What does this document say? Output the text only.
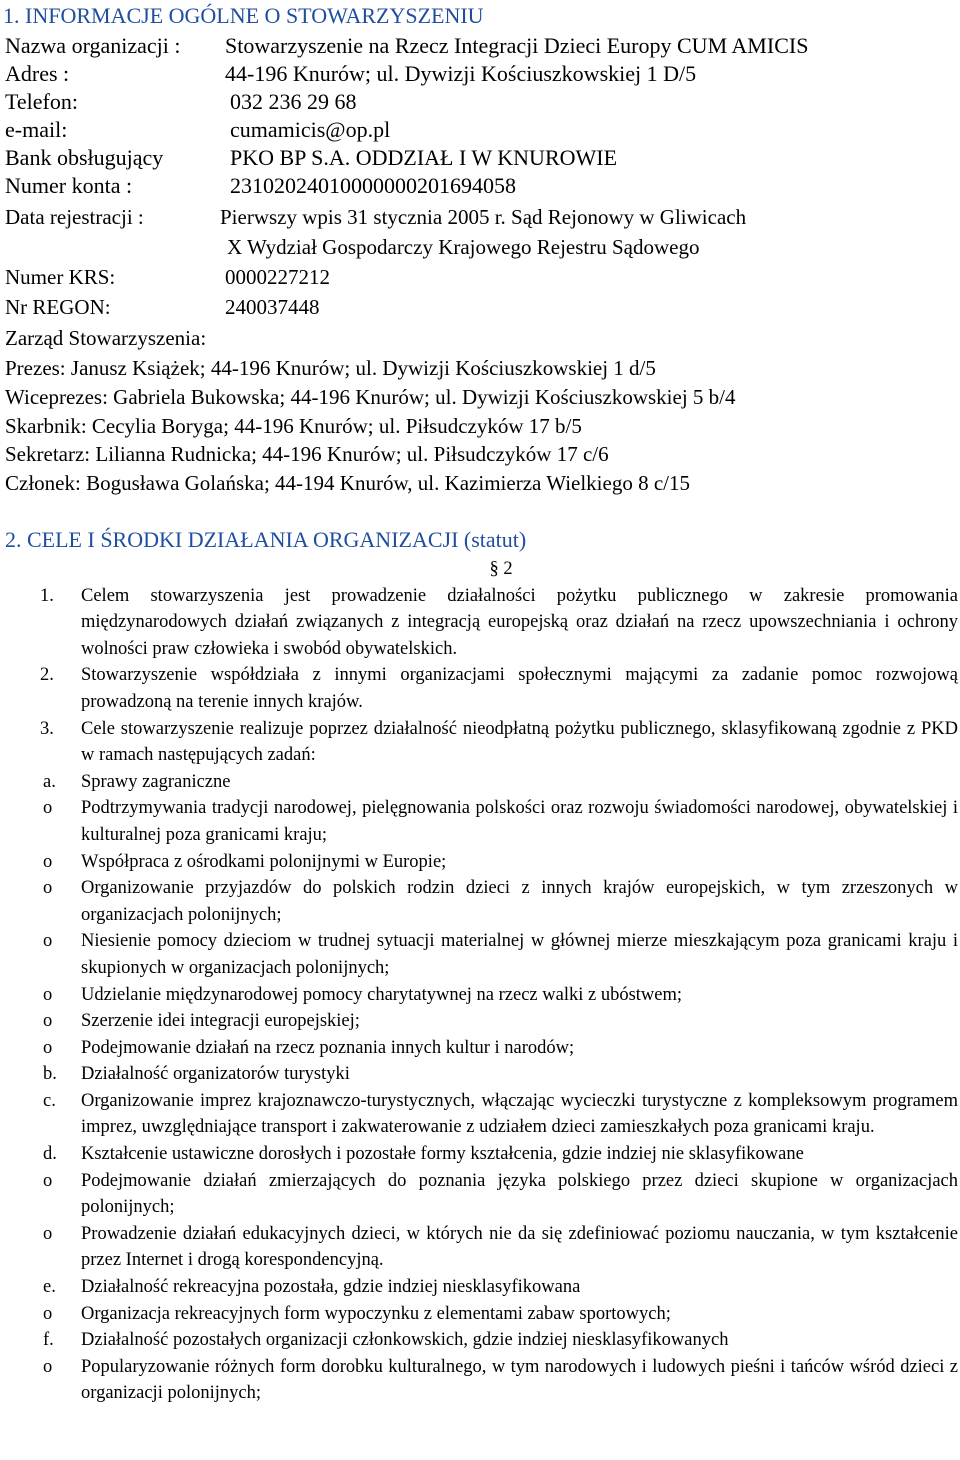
1. INFORMACJE OGÓLNE O STOWARZYSZENIU
Nazwa organizacji : Stowarzyszenie na Rzecz Integracji Dzieci Europy CUM AMICIS
Adres :	44-196 Knurów; ul. Dywizji Kościuszkowskiej 1 D/5
Telefon:	032 236 29 68
e-mail:	cumamicis@op.pl
Bank obsługujący	PKO BP S.A. ODDZIAŁ I W KNUROWIE
Numer konta :	23102024010000000201694058
Data rejestracji :	Pierwszy wpis 31 stycznia 2005 r. Sąd Rejonowy w Gliwicach
X Wydział Gospodarczy Krajowego Rejestru Sądowego
Numer KRS:	0000227212
Nr REGON:	240037448
Zarząd Stowarzyszenia:
Prezes: Janusz Książek; 44-196 Knurów; ul. Dywizji Kościuszkowskiej 1 d/5
Wiceprezes: Gabriela Bukowska; 44-196 Knurów; ul. Dywizji Kościuszkowskiej 5 b/4
Skarbnik: Cecylia Boryga; 44-196 Knurów; ul. Piłsudczyków 17 b/5
Sekretarz: Lilianna Rudnicka; 44-196 Knurów; ul. Piłsudczyków 17 c/6
Członek: Bogusława Golańska; 44-194 Knurów, ul. Kazimierza Wielkiego 8 c/15
2. CELE I ŚRODKI DZIAŁANIA ORGANIZACJI (statut)
§ 2
1. Celem stowarzyszenia jest prowadzenie działalności pożytku publicznego w zakresie promowania międzynarodowych działań związanych z integracją europejską oraz działań na rzecz upowszechniania i ochrony wolności praw człowieka i swobód obywatelskich.
2. Stowarzyszenie współdziała z innymi organizacjami społecznymi mającymi za zadanie pomoc rozwojową prowadzoną na terenie innych krajów.
3. Cele stowarzyszenie realizuje poprzez działalność nieodpłatną pożytku publicznego, sklasyfikowaną zgodnie z PKD w ramach następujących zadań:
a. Sprawy zagraniczne
o Podtrzymywania tradycji narodowej, pielęgnowania polskości oraz rozwoju świadomości narodowej, obywatelskiej i kulturalnej poza granicami kraju;
o Współpraca z ośrodkami polonijnymi w Europie;
o Organizowanie przyjazdów do polskich rodzin dzieci z innych krajów europejskich, w tym zrzeszonych w organizacjach polonijnych;
o Niesienie pomocy dzieciom w trudnej sytuacji materialnej w głównej mierze mieszkającym poza granicami kraju i skupionych w organizacjach polonijnych;
o Udzielanie międzynarodowej pomocy charytatywnej na rzecz walki z ubóstwem;
o Szerzenie idei integracji europejskiej;
o Podejmowanie działań na rzecz poznania innych kultur i narodów;
b. Działalność organizatorów turystyki
c. Organizowanie imprez krajoznawczo-turystycznych, włączając wycieczki turystyczne z kompleksowym programem imprez, uwzględniające transport i zakwaterowanie z udziałem dzieci zamieszkałych poza granicami kraju.
d. Kształcenie ustawiczne dorosłych i pozostałe formy kształcenia, gdzie indziej nie sklasyfikowane
o Podejmowanie działań zmierzających do poznania języka polskiego przez dzieci skupione w organizacjach polonijnych;
o Prowadzenie działań edukacyjnych dzieci, w których nie da się zdefiniować poziomu nauczania, w tym kształcenie przez Internet i drogą korespondencyjną.
e. Działalność rekreacyjna pozostała, gdzie indziej niesklasyfikowana
o Organizacja rekreacyjnych form wypoczynku z elementami zabaw sportowych;
f. Działalność pozostałych organizacji członkowskich, gdzie indziej niesklasyfikowanych
o Popularyzowanie różnych form dorobku kulturalnego, w tym narodowych i ludowych pieśni i tańców wśród dzieci z organizacji polonijnych;
